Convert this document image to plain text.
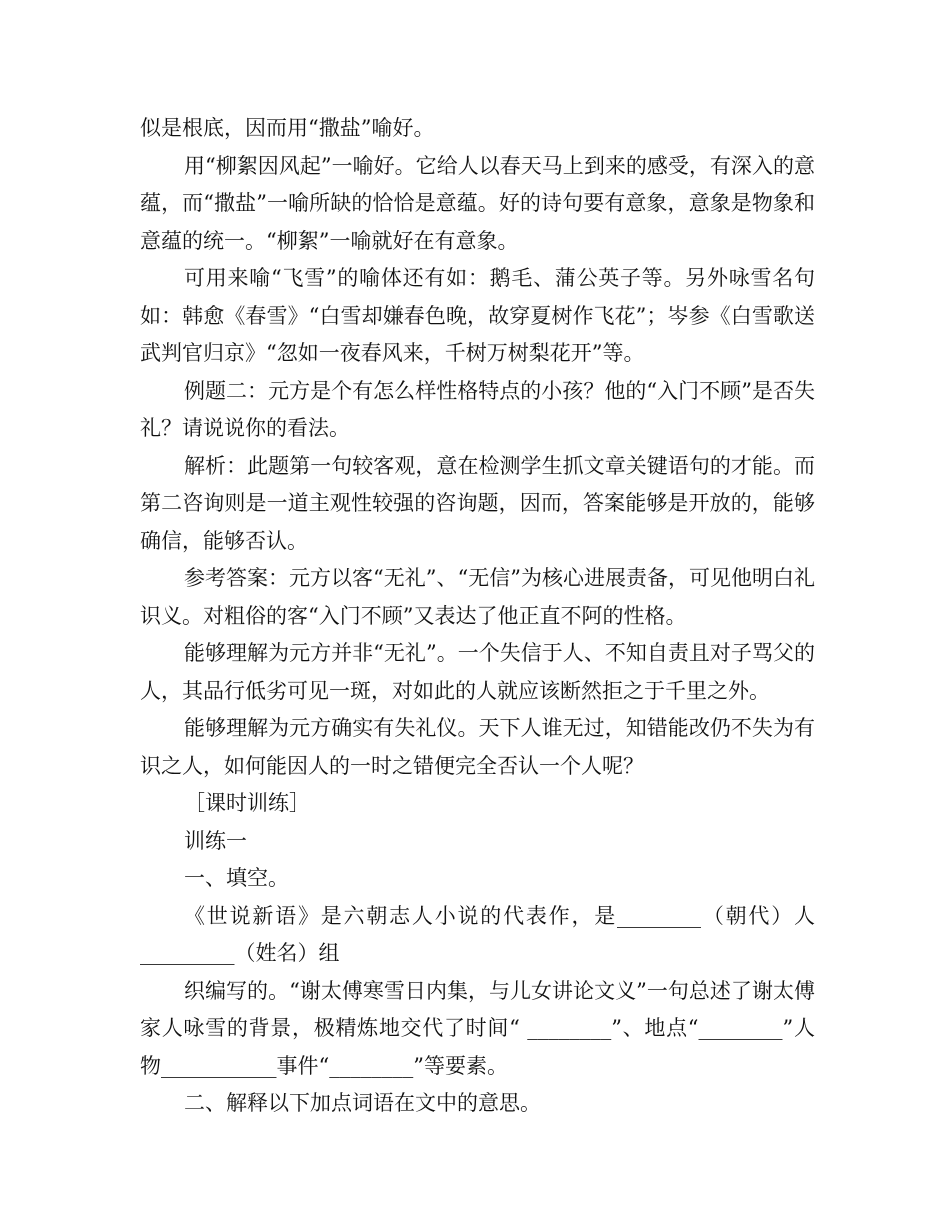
似是根底，因而用“撒盐”喻好。

用“柳絮因风起”一喻好。它给人以春天马上到来的感受，有深入的意蕴，而“撒盐”一喻所缺的恰恰是意蕴。好的诗句要有意象，意象是物象和意蕴的统一。“柳絮”一喻就好在有意象。

可用来喻“飞雪”的喻体还有如：鹅毛、蒲公英子等。另外咏雪名句如：韩愈《春雪》“白雪却嫌春色晚，故穿夏树作飞花”；岑参《白雪歌送武判官归京》“忽如一夜春风来，千树万树梨花开”等。

例题二：元方是个有怎么样性格特点的小孩？他的“入门不顾”是否失礼？请说说你的看法。

解析：此题第一句较客观，意在检测学生抓文章关键语句的才能。而第二咨询则是一道主观性较强的咨询题，因而，答案能够是开放的，能够确信，能够否认。

参考答案：元方以客“无礼”、“无信”为核心进展责备，可见他明白礼识义。对粗俗的客“入门不顾”又表达了他正直不阿的性格。

能够理解为元方并非“无礼”。一个失信于人、不知自责且对子骂父的人，其品行低劣可见一斑，对如此的人就应该断然拒之于千里之外。

能够理解为元方确实有失礼仪。天下人谁无过，知错能改仍不失为有识之人，如何能因人的一时之错便完全否认一个人呢？

［课时训练］

训练一

一、填空。

《世说新语》是六朝志人小说的代表作，是________（朝代）人_________（姓名）组

织编写的。“谢太傅寒雪日内集，与儿女讲论文义”一句总述了谢太傅家人咏雪的背景，极精炼地交代了时间“ ________”、地点“________”人物___________事件“________”等要素。

二、解释以下加点词语在文中的意思。
